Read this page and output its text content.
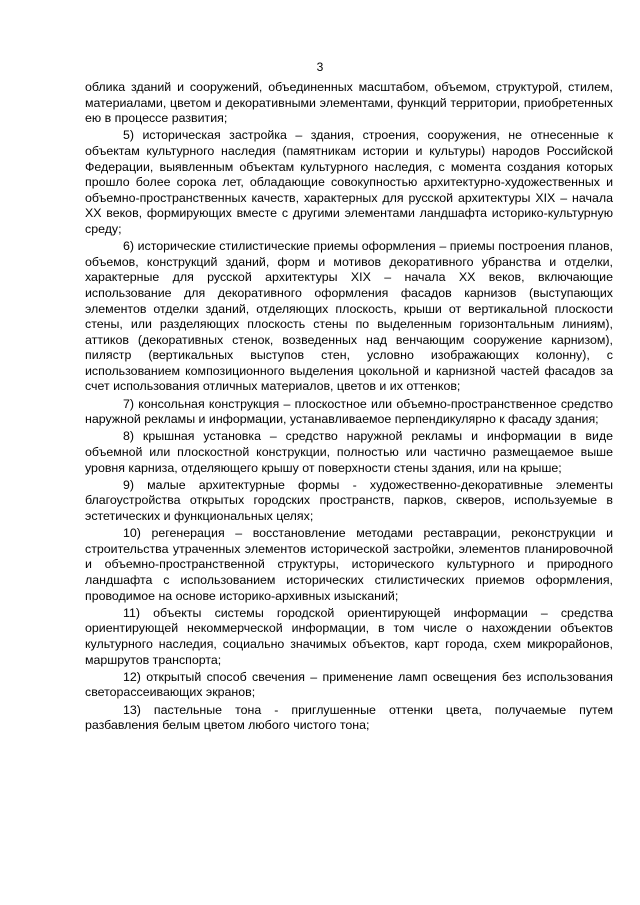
3

облика зданий и сооружений, объединенных масштабом, объемом, структурой, стилем, материалами, цветом и декоративными элементами, функций территории, приобретенных ею в процессе развития;

5) историческая застройка – здания, строения, сооружения, не отнесенные к объектам культурного наследия (памятникам истории и культуры) народов Российской Федерации, выявленным объектам культурного наследия, с момента создания которых прошло более сорока лет, обладающие совокупностью архитектурно-художественных и объемно-пространственных качеств, характерных для русской архитектуры XIX – начала XX веков, формирующих вместе с другими элементами ландшафта историко-культурную среду;

6) исторические стилистические приемы оформления – приемы построения планов, объемов, конструкций зданий, форм и мотивов декоративного убранства и отделки, характерные для русской архитектуры XIX – начала XX веков, включающие использование для декоративного оформления фасадов карнизов (выступающих элементов отделки зданий, отделяющих плоскость, крыши от вертикальной плоскости стены, или разделяющих плоскость стены по выделенным горизонтальным линиям), аттиков (декоративных стенок, возведенных над венчающим сооружение карнизом), пилястр (вертикальных выступов стен, условно изображающих колонну), с использованием композиционного выделения цокольной и карнизной частей фасадов за счет использования отличных материалов, цветов и их оттенков;

7) консольная конструкция – плоскостное или объемно-пространственное средство наружной рекламы и информации, устанавливаемое перпендикулярно к фасаду здания;

8) крышная установка – средство наружной рекламы и информации в виде объемной или плоскостной конструкции, полностью или частично размещаемое выше уровня карниза, отделяющего крышу от поверхности стены здания, или на крыше;

9) малые архитектурные формы - художественно-декоративные элементы благоустройства открытых городских пространств, парков, скверов, используемые в эстетических и функциональных целях;

10) регенерация – восстановление методами реставрации, реконструкции и строительства утраченных элементов исторической застройки, элементов планировочной и объемно-пространственной структуры, исторического культурного и природного ландшафта с использованием исторических стилистических приемов оформления, проводимое на основе историко-архивных изысканий;

11) объекты системы городской ориентирующей информации – средства ориентирующей некоммерческой информации, в том числе о нахождении объектов культурного наследия, социально значимых объектов, карт города, схем микрорайонов, маршрутов транспорта;

12) открытый способ свечения – применение ламп освещения без использования светорассеивающих экранов;

13) пастельные тона - приглушенные оттенки цвета, получаемые путем разбавления белым цветом любого чистого тона;
